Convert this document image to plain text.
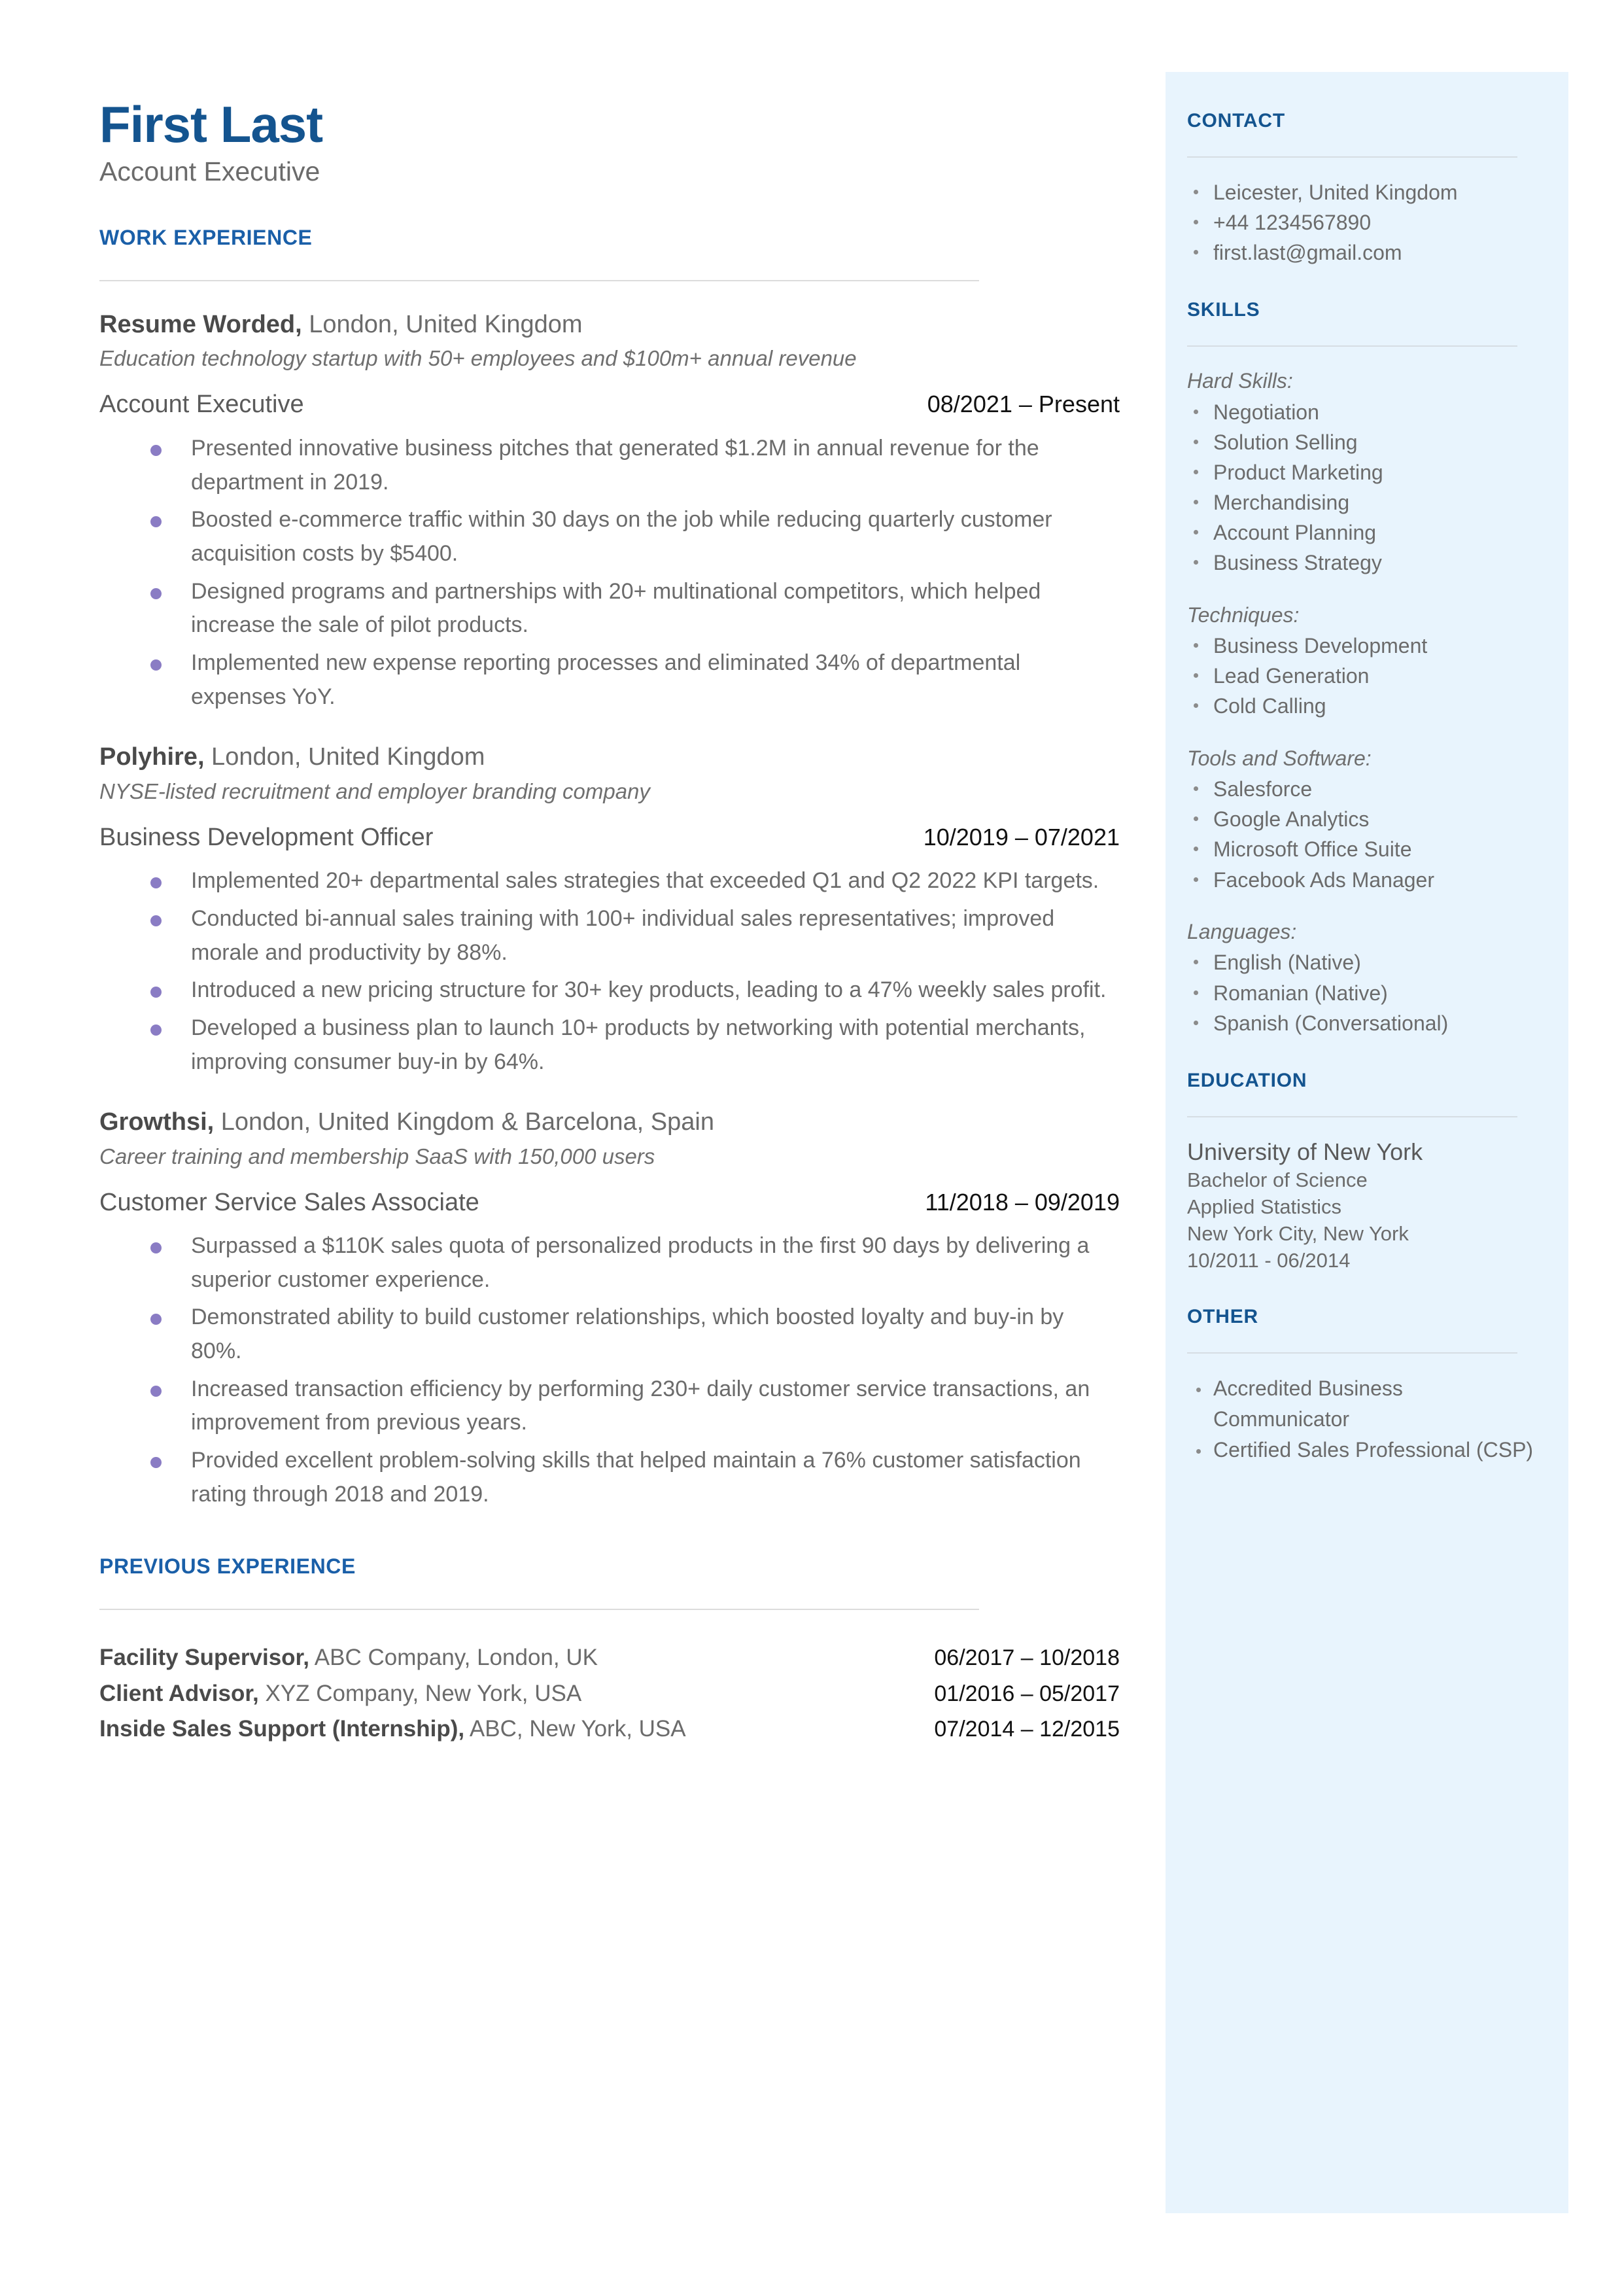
First Last
Account Executive
WORK EXPERIENCE
Resume Worded, London, United Kingdom
Education technology startup with 50+ employees and $100m+ annual revenue
Account Executive	08/2021 – Present
Presented innovative business pitches that generated $1.2M in annual revenue for the department in 2019.
Boosted e-commerce traffic within 30 days on the job while reducing quarterly customer acquisition costs by $5400.
Designed programs and partnerships with 20+ multinational competitors, which helped increase the sale of pilot products.
Implemented new expense reporting processes and eliminated 34% of departmental expenses YoY.
Polyhire, London, United Kingdom
NYSE-listed recruitment and employer branding company
Business Development Officer	10/2019 – 07/2021
Implemented 20+ departmental sales strategies that exceeded Q1 and Q2 2022 KPI targets.
Conducted bi-annual sales training with 100+ individual sales representatives; improved morale and productivity by 88%.
Introduced a new pricing structure for 30+ key products, leading to a 47% weekly sales profit.
Developed a business plan to launch 10+ products by networking with potential merchants, improving consumer buy-in by 64%.
Growthsi, London, United Kingdom & Barcelona, Spain
Career training and membership SaaS with 150,000 users
Customer Service Sales Associate	11/2018 – 09/2019
Surpassed a $110K sales quota of personalized products in the first 90 days by delivering a superior customer experience.
Demonstrated ability to build customer relationships, which boosted loyalty and buy-in by 80%.
Increased transaction efficiency by performing 230+ daily customer service transactions, an improvement from previous years.
Provided excellent problem-solving skills that helped maintain a 76% customer satisfaction rating through 2018 and 2019.
PREVIOUS EXPERIENCE
Facility Supervisor, ABC Company, London, UK	06/2017 – 10/2018
Client Advisor, XYZ Company, New York, USA	01/2016 – 05/2017
Inside Sales Support (Internship), ABC, New York, USA	07/2014 – 12/2015
CONTACT
Leicester, United Kingdom
+44 1234567890
first.last@gmail.com
SKILLS
Hard Skills:
Negotiation
Solution Selling
Product Marketing
Merchandising
Account Planning
Business Strategy
Techniques:
Business Development
Lead Generation
Cold Calling
Tools and Software:
Salesforce
Google Analytics
Microsoft Office Suite
Facebook Ads Manager
Languages:
English (Native)
Romanian (Native)
Spanish (Conversational)
EDUCATION
University of New York
Bachelor of Science
Applied Statistics
New York City, New York
10/2011 - 06/2014
OTHER
Accredited Business Communicator
Certified Sales Professional (CSP)
